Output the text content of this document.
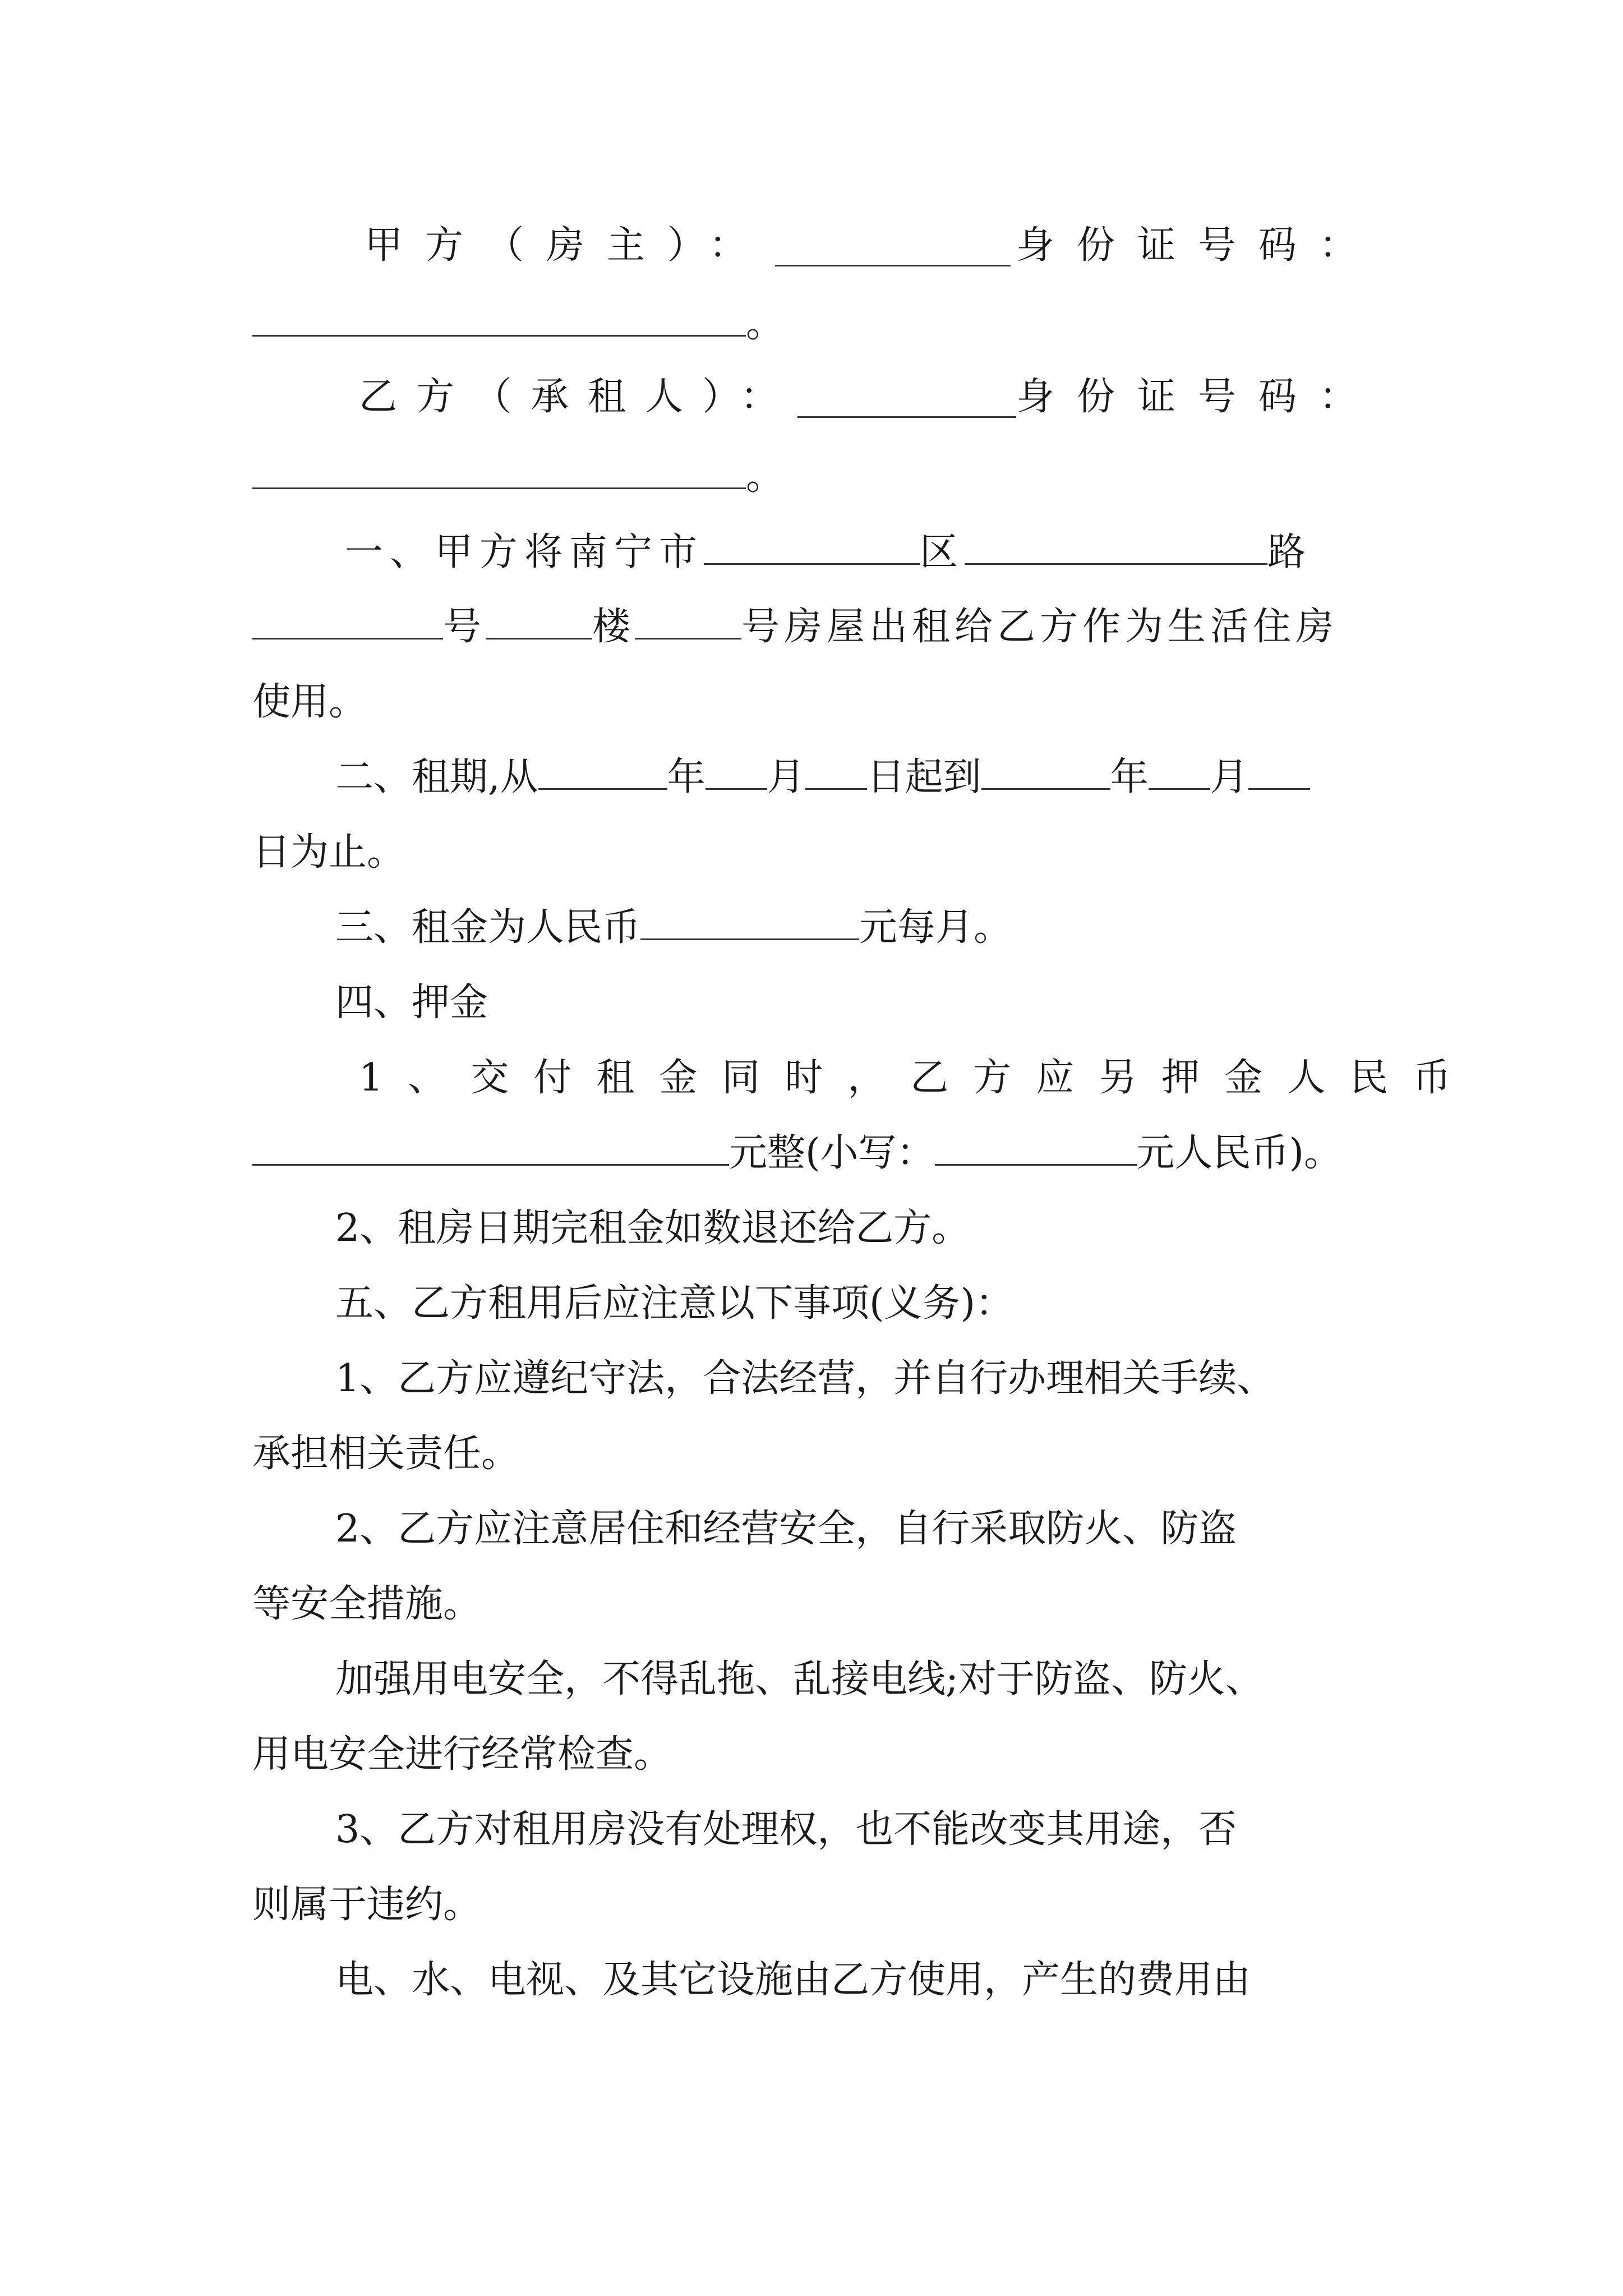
甲方（房主）：	身份证号码：
。
乙方（承租人）：	身份证号码：
。
一、甲方将南宁市	区	路
号	楼	号房屋出租给乙方作为生活住房
使用。
二、租期,从	年 月 日起到	年 月
日为止。
三、租金为人民币	元每月。
四、押金
1、交付租金同时，乙方应另押金人民币
元整(小写：	元人民币)。
2、租房日期完租金如数退还给乙方。
五、乙方租用后应注意以下事项(义务)：
1、乙方应遵纪守法，合法经营，并自行办理相关手续、
承担相关责任。
2、乙方应注意居住和经营安全，自行采取防火、防盗
等安全措施。
加强用电安全，不得乱拖、乱接电线;对于防盗、防火、
用电安全进行经常检查。
3、乙方对租用房没有处理权，也不能改变其用途，否
则属于违约。
电、水、电视、及其它设施由乙方使用，产生的费用由
